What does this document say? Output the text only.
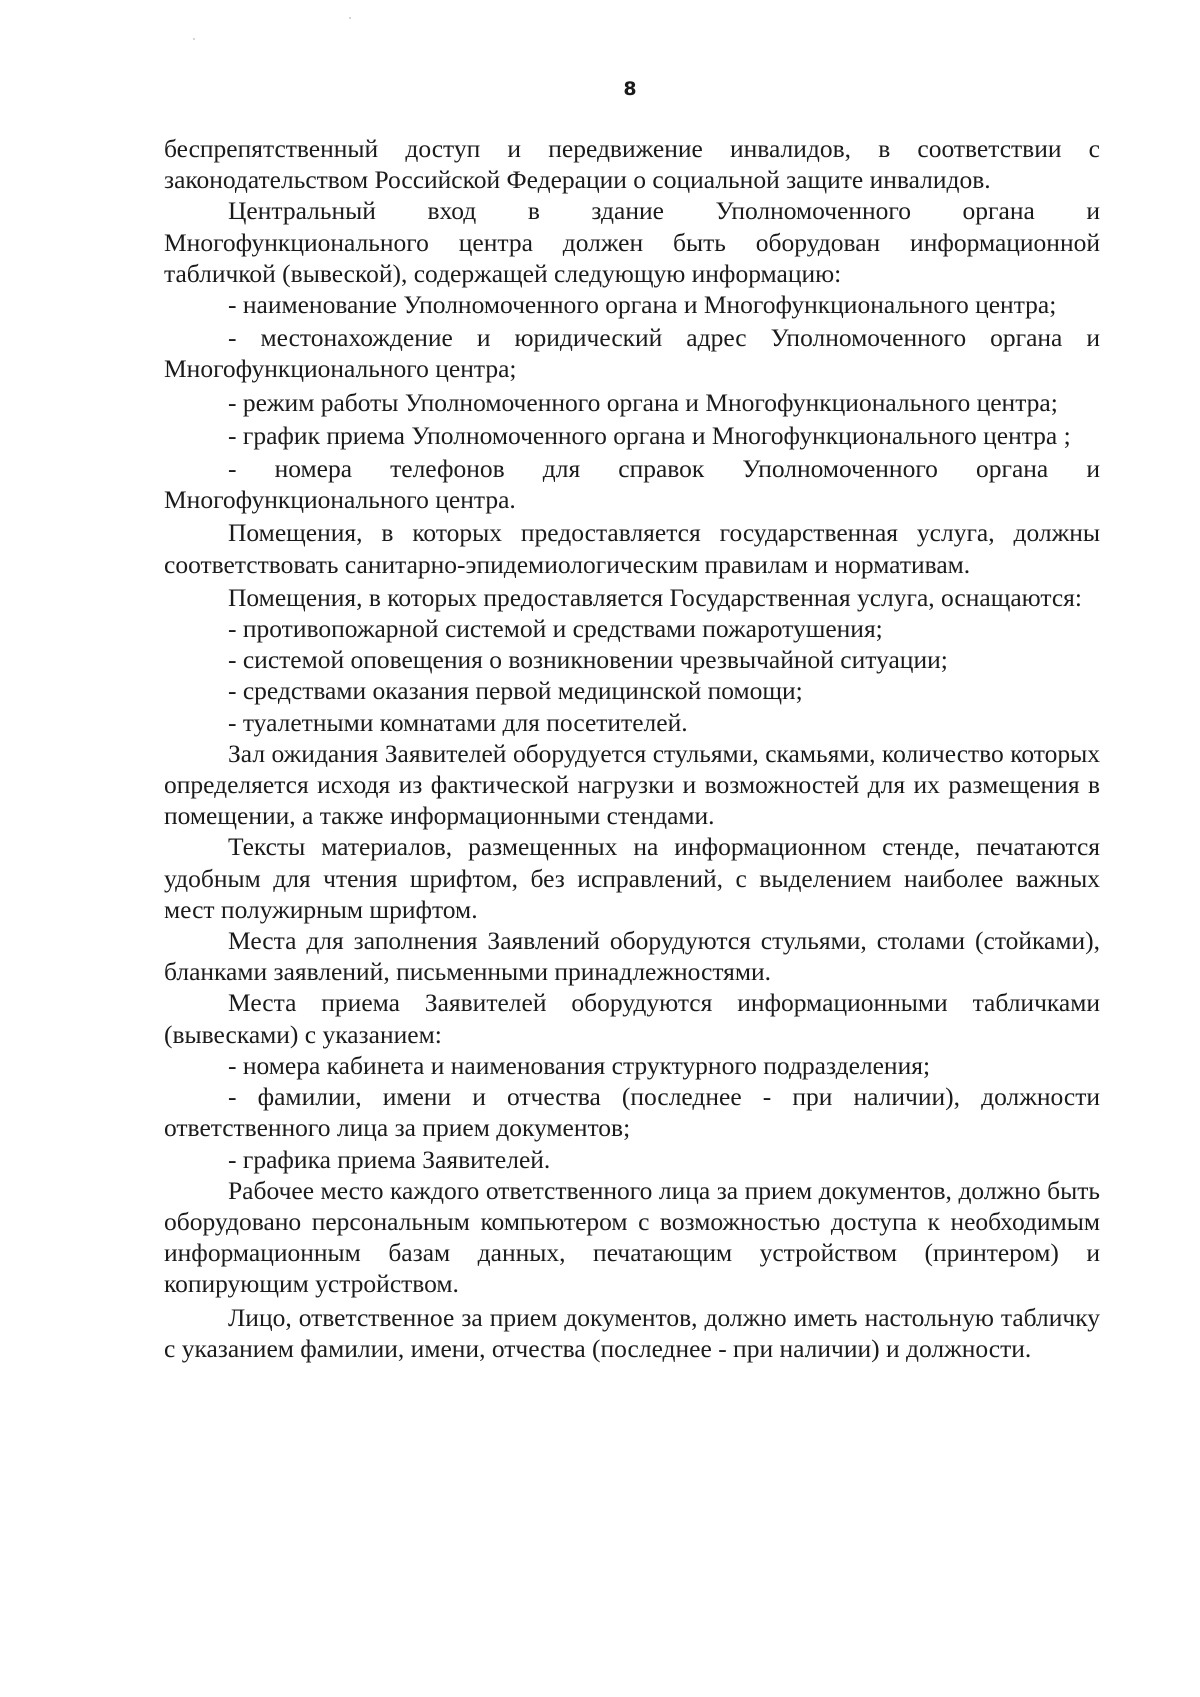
8

беспрепятственный доступ и передвижение инвалидов, в соответствии с законодательством Российской Федерации о социальной защите инвалидов.

Центральный вход в здание Уполномоченного органа и Многофункционального центра должен быть оборудован информационной табличкой (вывеской), содержащей следующую информацию:

- наименование Уполномоченного органа и Многофункционального центра;

- местонахождение и юридический адрес Уполномоченного органа и Многофункционального центра;

- режим работы Уполномоченного органа и Многофункционального центра;

- график приема Уполномоченного органа и Многофункционального центра ;

- номера телефонов для справок Уполномоченного органа и Многофункционального центра.

Помещения, в которых предоставляется государственная услуга, должны соответствовать санитарно-эпидемиологическим правилам и нормативам.

Помещения, в которых предоставляется Государственная услуга, оснащаются:

- противопожарной системой и средствами пожаротушения;

- системой оповещения о возникновении чрезвычайной ситуации;

- средствами оказания первой медицинской помощи;

- туалетными комнатами для посетителей.

Зал ожидания Заявителей оборудуется стульями, скамьями, количество которых определяется исходя из фактической нагрузки и возможностей для их размещения в помещении, а также информационными стендами.

Тексты материалов, размещенных на информационном стенде, печатаются удобным для чтения шрифтом, без исправлений, с выделением наиболее важных мест полужирным шрифтом.

Места для заполнения Заявлений оборудуются стульями, столами (стойками), бланками заявлений, письменными принадлежностями.

Места приема Заявителей оборудуются информационными табличками (вывесками) с указанием:

- номера кабинета и наименования структурного подразделения;

- фамилии, имени и отчества (последнее - при наличии), должности ответственного лица за прием документов;

- графика приема Заявителей.

Рабочее место каждого ответственного лица за прием документов, должно быть оборудовано персональным компьютером с возможностью доступа к необходимым информационным базам данных, печатающим устройством (принтером) и копирующим устройством.

Лицо, ответственное за прием документов, должно иметь настольную табличку с указанием фамилии, имени, отчества (последнее - при наличии) и должности.
